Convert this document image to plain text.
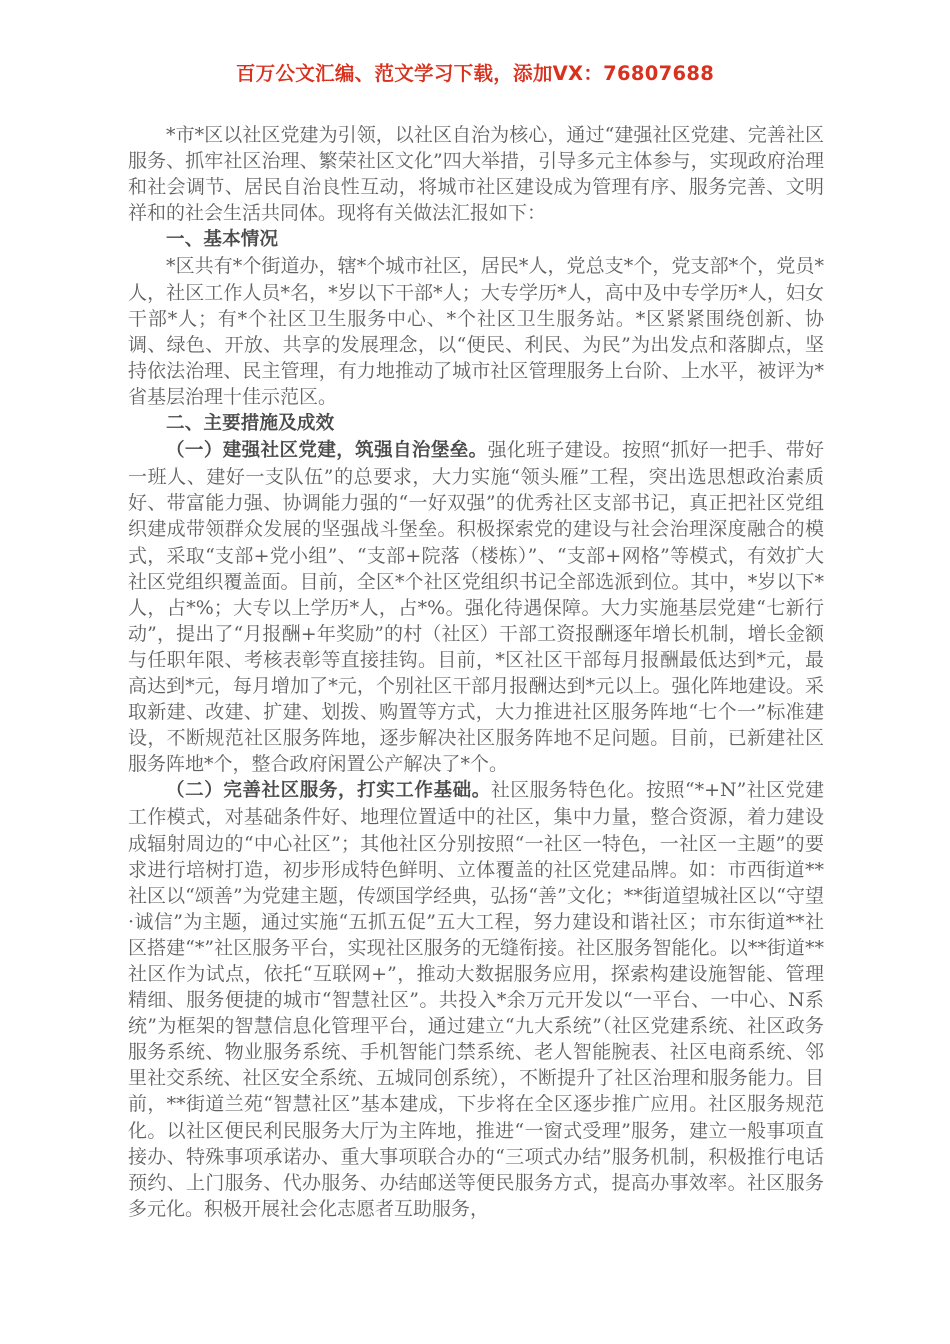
百万公文汇编、范文学习下载，添加VX：76807688

*市*区以社区党建为引领，以社区自治为核心，通过“建强社区党建、完善社区服务、抓牢社区治理、繁荣社区文化”四大举措，引导多元主体参与，实现政府治理和社会调节、居民自治良性互动，将城市社区建设成为管理有序、服务完善、文明祥和的社会生活共同体。现将有关做法汇报如下：

一、基本情况

*区共有*个街道办，辖*个城市社区，居民*人，党总支*个，党支部*个，党员*人，社区工作人员*名，*岁以下干部*人；大专学历*人，高中及中专学历*人，妇女干部*人；有*个社区卫生服务中心、*个社区卫生服务站。*区紧紧围绕创新、协调、绿色、开放、共享的发展理念，以“便民、利民、为民”为出发点和落脚点，坚持依法治理、民主管理，有力地推动了城市社区管理服务上台阶、上水平，被评为*省基层治理十佳示范区。

二、主要措施及成效

（一）建强社区党建，筑强自治堡垒。强化班子建设。按照“抓好一把手、带好一班人、建好一支队伍”的总要求，大力实施“领头雁”工程，突出选思想政治素质好、带富能力强、协调能力强的“一好双强”的优秀社区支部书记，真正把社区党组织建成带领群众发展的坚强战斗堡垒。积极探索党的建设与社会治理深度融合的模式，采取“支部+党小组”、“支部+院落（楼栋）”、“支部+网格”等模式，有效扩大社区党组织覆盖面。目前，全区*个社区党组织书记全部选派到位。其中，*岁以下*人，占*%；大专以上学历*人，占*%。强化待遇保障。大力实施基层党建“七新行动”，提出了“月报酬+年奖励”的村（社区）干部工资报酬逐年增长机制，增长金额与任职年限、考核表彰等直接挂钩。目前，*区社区干部每月报酬最低达到*元，最高达到*元，每月增加了*元，个别社区干部月报酬达到*元以上。强化阵地建设。采取新建、改建、扩建、划拨、购置等方式，大力推进社区服务阵地“七个一”标准建设，不断规范社区服务阵地，逐步解决社区服务阵地不足问题。目前，已新建社区服务阵地*个，整合政府闲置公产解决了*个。

（二）完善社区服务，打实工作基础。社区服务特色化。按照“*+N”社区党建工作模式，对基础条件好、地理位置适中的社区，集中力量，整合资源，着力建设成辐射周边的“中心社区”；其他社区分别按照“一社区一特色，一社区一主题”的要求进行培树打造，初步形成特色鲜明、立体覆盖的社区党建品牌。如：市西街道**社区以“颂善”为党建主题，传颂国学经典，弘扬“善”文化；**街道望城社区以“守望·诚信”为主题，通过实施“五抓五促”五大工程，努力建设和谐社区；市东街道**社区搭建“*”社区服务平台，实现社区服务的无缝衔接。社区服务智能化。以**街道**社区作为试点，依托“互联网+”，推动大数据服务应用，探索构建设施智能、管理精细、服务便捷的城市“智慧社区”。共投入*余万元开发以“一平台、一中心、N系统”为框架的智慧信息化管理平台，通过建立“九大系统”（社区党建系统、社区政务服务系统、物业服务系统、手机智能门禁系统、老人智能腕表、社区电商系统、邻里社交系统、社区安全系统、五城同创系统），不断提升了社区治理和服务能力。目前，**街道兰苑“智慧社区”基本建成，下步将在全区逐步推广应用。社区服务规范化。以社区便民利民服务大厅为主阵地，推进“一窗式受理”服务，建立一般事项直接办、特殊事项承诺办、重大事项联合办的“三项式办结”服务机制，积极推行电话预约、上门服务、代办服务、办结邮送等便民服务方式，提高办事效率。社区服务多元化。积极开展社会化志愿者互助服务，
